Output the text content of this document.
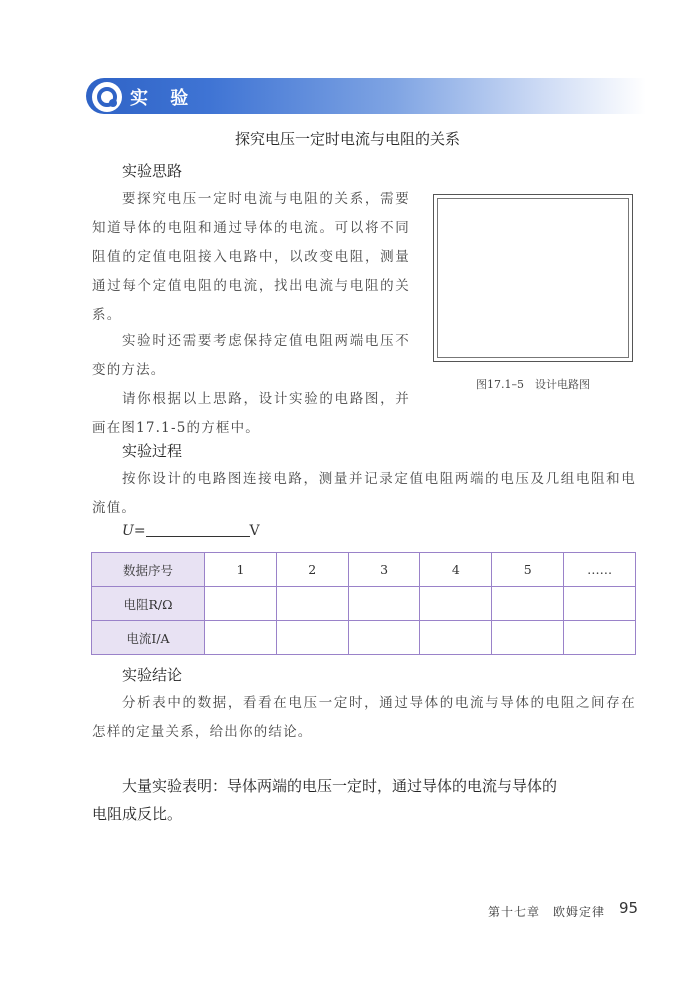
实 验
探究电压一定时电流与电阻的关系
实验思路
要探究电压一定时电流与电阻的关系，需要知道导体的电阻和通过导体的电流。可以将不同阻值的定值电阻接入电路中，以改变电阻，测量通过每个定值电阻的电流，找出电流与电阻的关系。
实验时还需要考虑保持定值电阻两端电压不变的方法。
请你根据以上思路，设计实验的电路图，并画在图17.1-5的方框中。
图17.1–5　设计电路图
实验过程
按你设计的电路图连接电路，测量并记录定值电阻两端的电压及几组电阻和电流值。
U=	V
数据序号	1	2	3	4	5	……
电阻R/Ω						
电流I/A						
实验结论
分析表中的数据，看看在电压一定时，通过导体的电流与导体的电阻之间存在怎样的定量关系，给出你的结论。
大量实验表明：导体两端的电压一定时，通过导体的电流与导体的电阻成反比。
第十七章　欧姆定律 95
